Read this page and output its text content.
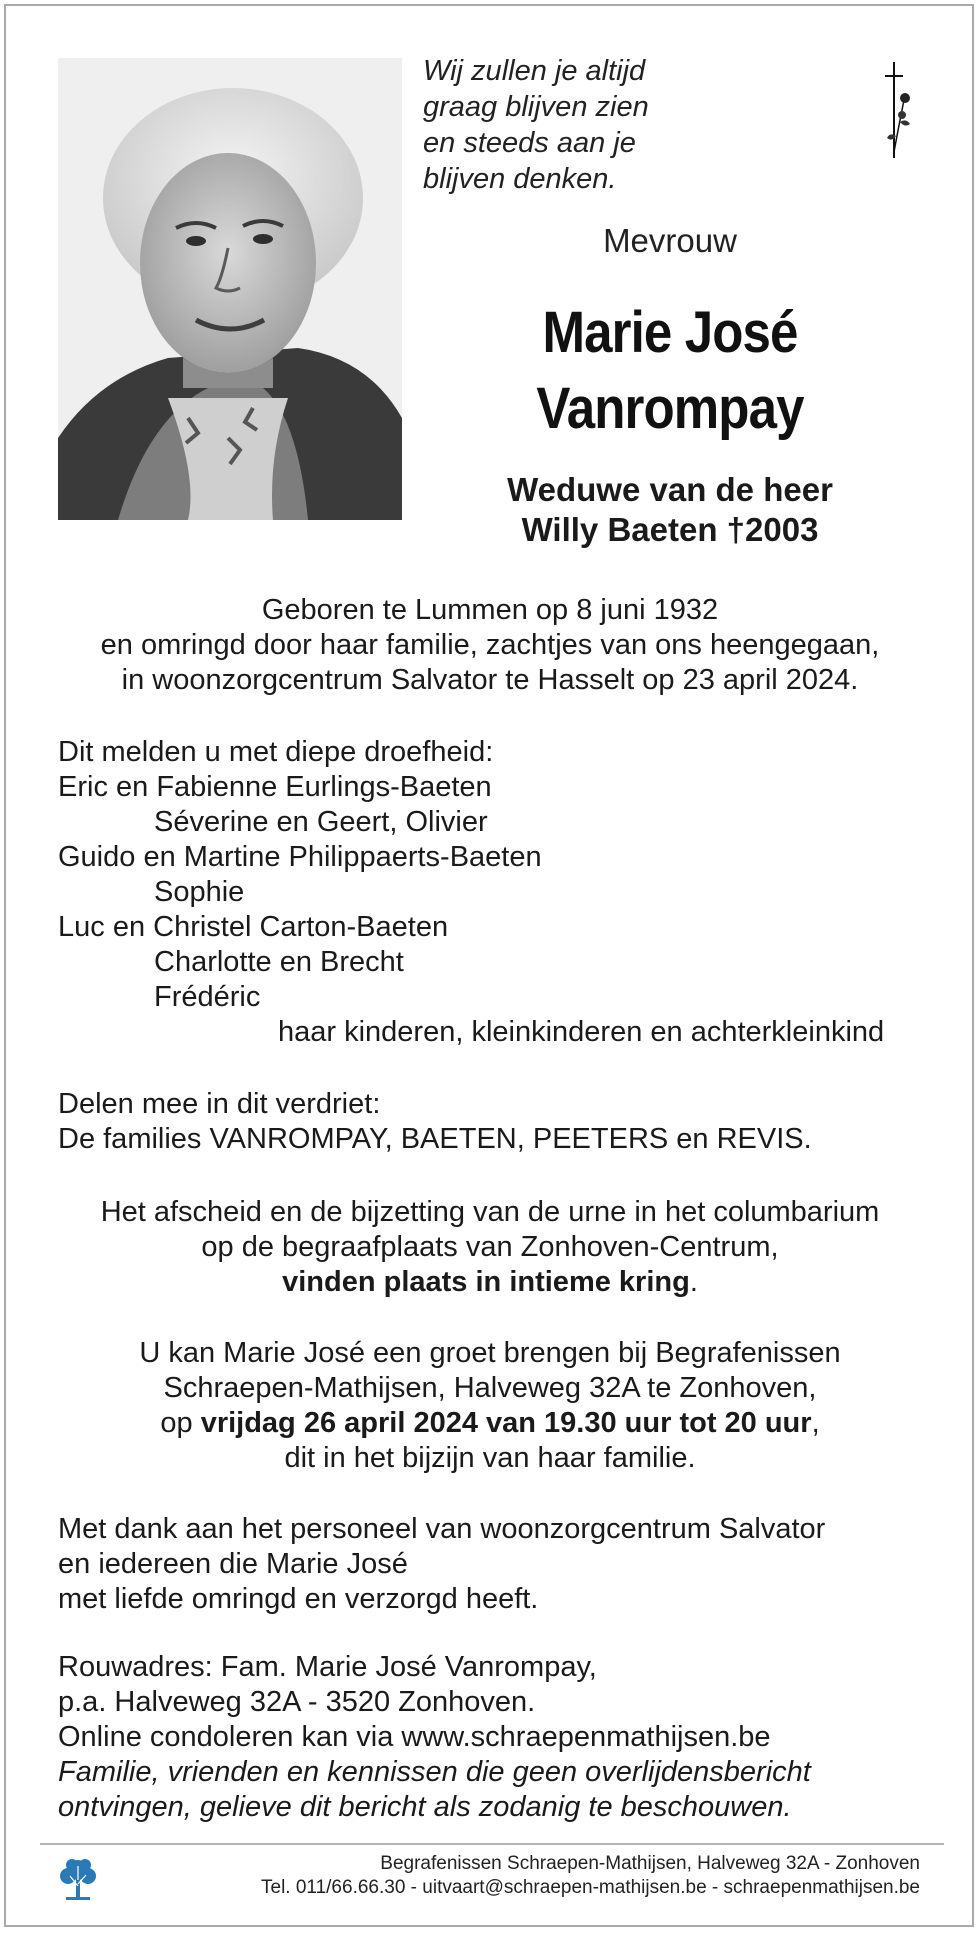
Wij zullen je altijd
graag blijven zien
en steeds aan je
blijven denken.
Mevrouw
Marie José
Vanrompay
Weduwe van de heer
Willy Baeten †2003
Geboren te Lummen op 8 juni 1932
en omringd door haar familie, zachtjes van ons heengegaan,
in woonzorgcentrum Salvator te Hasselt op 23 april 2024.
Dit melden u met diepe droefheid:
Eric en Fabienne Eurlings-Baeten
Séverine en Geert, Olivier
Guido en Martine Philippaerts-Baeten
Sophie
Luc en Christel Carton-Baeten
Charlotte en Brecht
Frédéric
haar kinderen, kleinkinderen en achterkleinkind
Delen mee in dit verdriet:
De families VANROMPAY, BAETEN, PEETERS en REVIS.
Het afscheid en de bijzetting van de urne in het columbarium
op de begraafplaats van Zonhoven-Centrum,
vinden plaats in intieme kring.
U kan Marie José een groet brengen bij Begrafenissen
Schraepen-Mathijsen, Halveweg 32A te Zonhoven,
op vrijdag 26 april 2024 van 19.30 uur tot 20 uur,
dit in het bijzijn van haar familie.
Met dank aan het personeel van woonzorgcentrum Salvator
en iedereen die Marie José
met liefde omringd en verzorgd heeft.
Rouwadres: Fam. Marie José Vanrompay,
p.a. Halveweg 32A - 3520 Zonhoven.
Online condoleren kan via www.schraepenmathijsen.be
Familie, vrienden en kennissen die geen overlijdensbericht
ontvingen, gelieve dit bericht als zodanig te beschouwen.
Begrafenissen Schraepen-Mathijsen, Halveweg 32A - Zonhoven
Tel. 011/66.66.30 - uitvaart@schraepen-mathijsen.be - schraepenmathijsen.be
